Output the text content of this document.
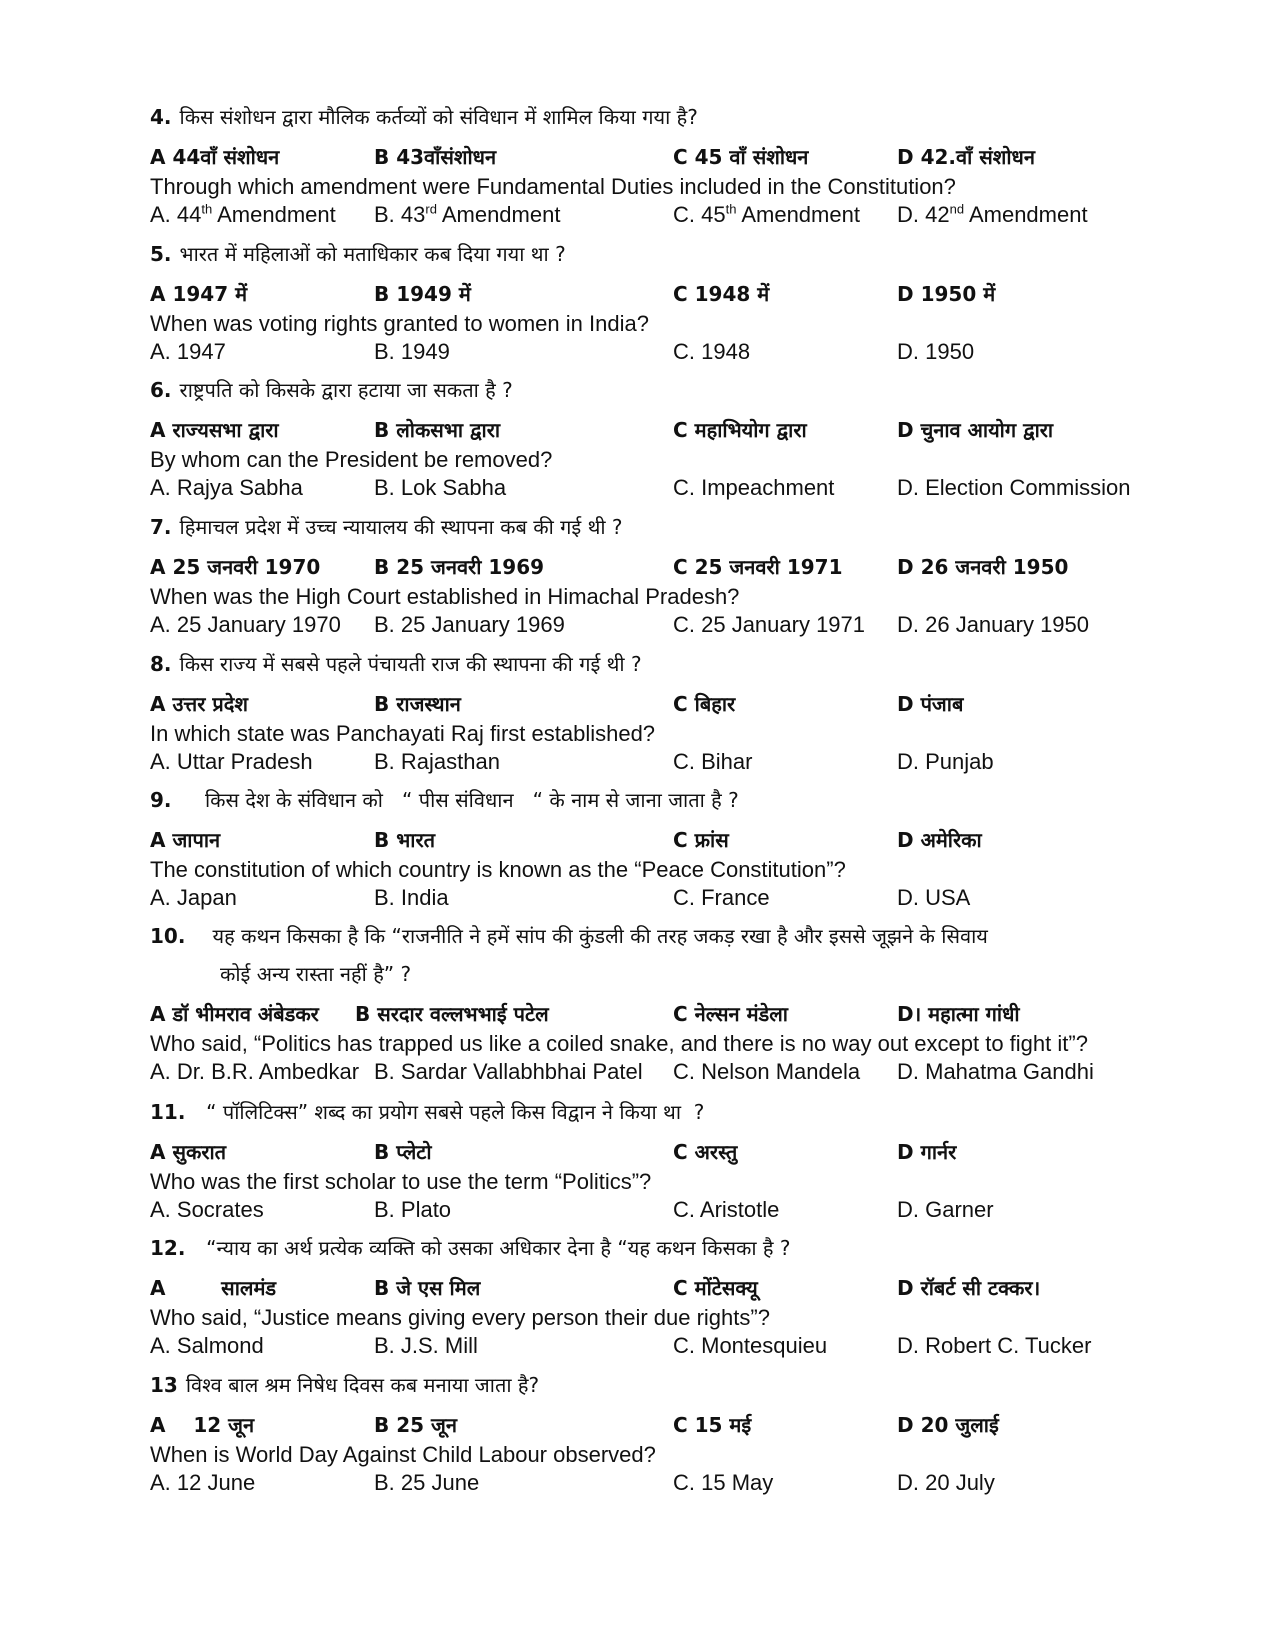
4. किस संशोधन द्वारा मौलिक कर्तव्यों को संविधान में शामिल किया गया है?
A 44वाँ संशोधन	B 43वाँसंशोधन	C 45 वाँ संशोधन	D 42.वाँ संशोधन
Through which amendment were Fundamental Duties included in the Constitution?
A. 44th Amendment B. 43rd Amendment	C. 45th Amendment D. 42nd Amendment
5. भारत में महिलाओं को मताधिकार कब दिया गया था ?
A 1947 में	B 1949 में	C 1948 में	D 1950 में
When was voting rights granted to women in India?
A. 1947	B. 1949	C. 1948	D. 1950
6. राष्ट्रपति को किसके द्वारा हटाया जा सकता है ?
A राज्यसभा द्वारा	B लोकसभा द्वारा	C महाभियोग द्वारा	D चुनाव आयोग द्वारा
By whom can the President be removed?
A. Rajya Sabha	B. Lok Sabha	C. Impeachment	D. Election Commission
7. हिमाचल प्रदेश में उच्च न्यायालय की स्थापना कब की गई थी ?
A 25 जनवरी 1970	B 25 जनवरी 1969	C 25 जनवरी 1971	D 26 जनवरी 1950
When was the High Court established in Himachal Pradesh?
A. 25 January 1970 B. 25 January 1969	C. 25 January 1971 D. 26 January 1950
8. किस राज्य में सबसे पहले पंचायती राज की स्थापना की गई थी ?
A उत्तर प्रदेश	B राजस्थान	C बिहार	D पंजाब
In which state was Panchayati Raj first established?
A. Uttar Pradesh	B. Rajasthan	C. Bihar	D. Punjab
9.    किस देश के संविधान को   “ पीस संविधान   “ के नाम से जाना जाता है ?
A जापान	B भारत	C फ्रांस	D अमेरिका
The constitution of which country is known as the “Peace Constitution”?
A. Japan	B. India	C. France	D. USA
10.   यह कथन किसका है कि “राजनीति ने हमें सांप की कुंडली की तरह जकड़ रखा है और इससे जूझने के सिवाय
कोई अन्य रास्ता नहीं है” ?
A डॉ भीमराव अंबेडकर B सरदार वल्लभभाई पटेल	C नेल्सन मंडेला	D। महात्मा गांधी
Who said, “Politics has trapped us like a coiled snake, and there is no way out except to fight it”?
A. Dr. B.R. Ambedkar B. Sardar Vallabhbhai Patel C. Nelson Mandela D. Mahatma Gandhi
11.  “ पॉलिटिक्स” शब्द का प्रयोग सबसे पहले किस विद्वान ने किया था  ?
A सुकरात	B प्लेटो	C अरस्तु	D गार्नर
Who was the first scholar to use the term “Politics”?
A. Socrates	B. Plato	C. Aristotle	D. Garner
12.  “न्याय का अर्थ प्रत्येक व्यक्ति को उसका अधिकार देना है “यह कथन किसका है ?
A        सालमंड	B जे एस मिल	C मोंटेसक्यू	D रॉबर्ट सी टक्कर।
Who said, “Justice means giving every person their due rights”?
A. Salmond	B. J.S. Mill	C. Montesquieu	D. Robert C. Tucker
13 विश्व बाल श्रम निषेध दिवस कब मनाया जाता है?
A    12 जून	B 25 जून	C 15 मई	D 20 जुलाई
When is World Day Against Child Labour observed?
A. 12 June	B. 25 June	C. 15 May	D. 20 July
